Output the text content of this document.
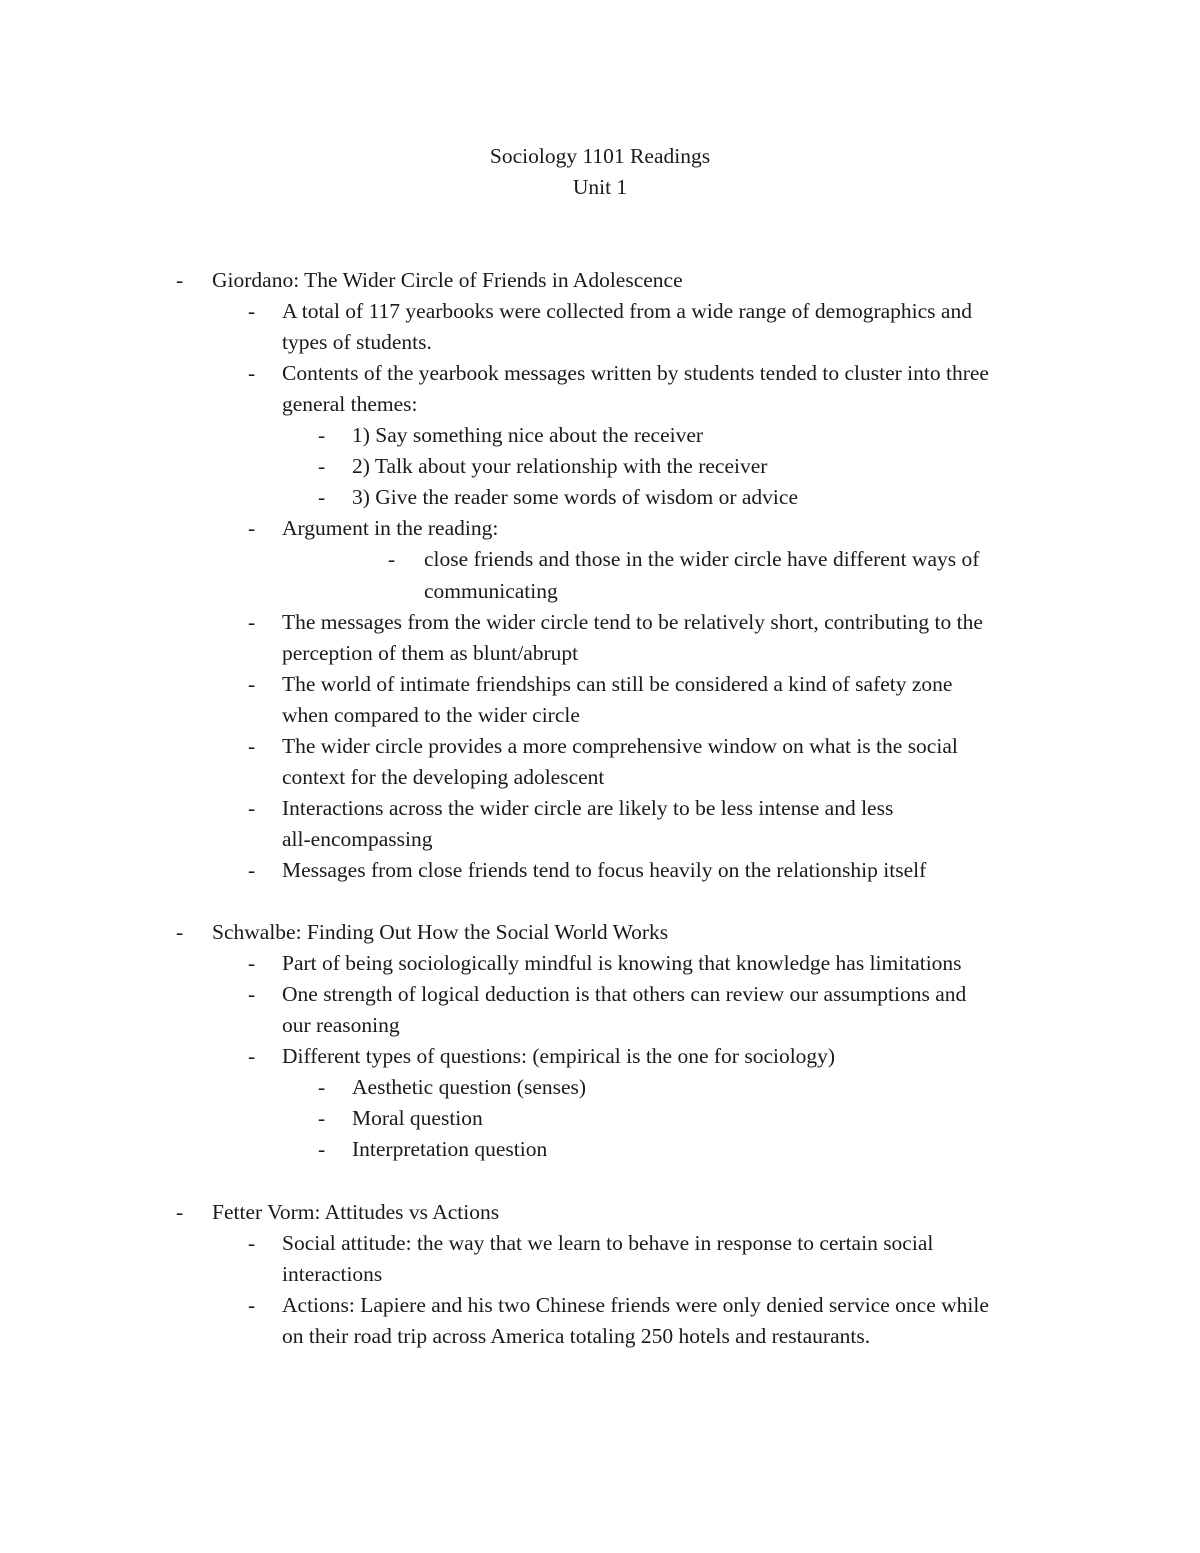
Sociology 1101 Readings
Unit 1
- Giordano: The Wider Circle of Friends in Adolescence
- A total of 117 yearbooks were collected from a wide range of demographics and
types of students.
- Contents of the yearbook messages written by students tended to cluster into three
general themes:
- 1) Say something nice about the receiver
- 2) Talk about your relationship with the receiver
- 3) Give the reader some words of wisdom or advice
- Argument in the reading:
- close friends and those in the wider circle have different ways of
communicating
- The messages from the wider circle tend to be relatively short, contributing to the
perception of them as blunt/abrupt
- The world of intimate friendships can still be considered a kind of safety zone
when compared to the wider circle
- The wider circle provides a more comprehensive window on what is the social
context for the developing adolescent
- Interactions across the wider circle are likely to be less intense and less
all-encompassing
- Messages from close friends tend to focus heavily on the relationship itself
- Schwalbe: Finding Out How the Social World Works
- Part of being sociologically mindful is knowing that knowledge has limitations
- One strength of logical deduction is that others can review our assumptions and
our reasoning
- Different types of questions: (empirical is the one for sociology)
- Aesthetic question (senses)
- Moral question
- Interpretation question
- Fetter Vorm: Attitudes vs Actions
- Social attitude: the way that we learn to behave in response to certain social
interactions
- Actions: Lapiere and his two Chinese friends were only denied service once while
on their road trip across America totaling 250 hotels and restaurants.
